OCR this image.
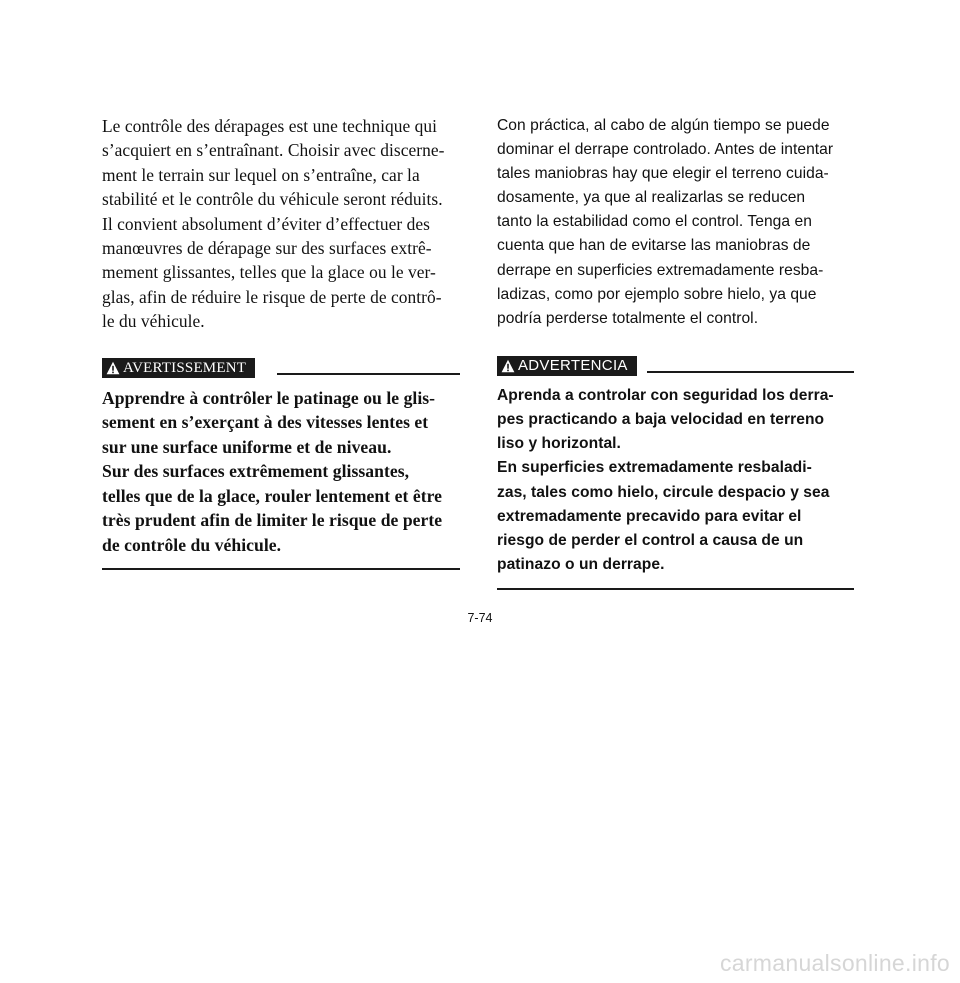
Le contrôle des dérapages est une technique qui
s’acquiert en s’entraînant. Choisir avec discerne-
ment le terrain sur lequel on s’entraîne, car la
stabilité et le contrôle du véhicule seront réduits.
Il convient absolument d’éviter d’effectuer des
manœuvres de dérapage sur des surfaces extrê-
mement glissantes, telles que la glace ou le ver-
glas, afin de réduire le risque de perte de contrô-
le du véhicule.

AVERTISSEMENT

Apprendre à contrôler le patinage ou le glis-
sement en s’exerçant à des vitesses lentes et
sur une surface uniforme et de niveau.

Sur des surfaces extrêmement glissantes,
telles que de la glace, rouler lentement et être
très prudent afin de limiter le risque de perte
de contrôle du véhicule.

Con práctica, al cabo de algún tiempo se puede
dominar el derrape controlado. Antes de intentar
tales maniobras hay que elegir el terreno cuida-
dosamente, ya que al realizarlas se reducen
tanto la estabilidad como el control. Tenga en
cuenta que han de evitarse las maniobras de
derrape en superficies extremadamente resba-
ladizas, como por ejemplo sobre hielo, ya que
podría perderse totalmente el control.

ADVERTENCIA

Aprenda a controlar con seguridad los derra-
pes practicando a baja velocidad en terreno
liso y horizontal.

En superficies extremadamente resbaladi-
zas, tales como hielo, circule despacio y sea
extremadamente precavido para evitar el
riesgo de perder el control a causa de un
patinazo o un derrape.

7-74
carmanualsonline.info
